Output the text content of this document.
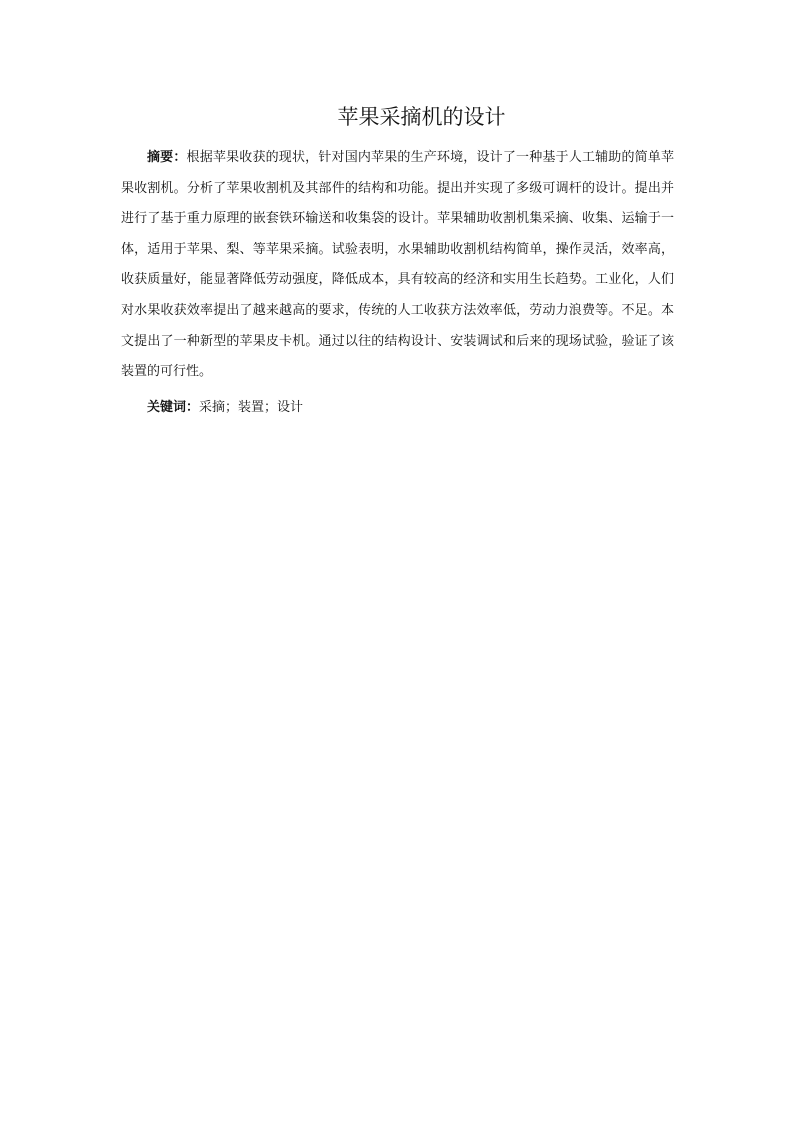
苹果采摘机的设计

摘要：根据苹果收获的现状，针对国内苹果的生产环境，设计了一种基于人工辅助的简单苹果收割机。分析了苹果收割机及其部件的结构和功能。提出并实现了多级可调杆的设计。提出并进行了基于重力原理的嵌套铁环输送和收集袋的设计。苹果辅助收割机集采摘、收集、运输于一体，适用于苹果、梨、等苹果采摘。试验表明，水果辅助收割机结构简单，操作灵活，效率高，收获质量好，能显著降低劳动强度，降低成本，具有较高的经济和实用生长趋势。工业化，人们对水果收获效率提出了越来越高的要求，传统的人工收获方法效率低，劳动力浪费等。不足。本文提出了一种新型的苹果皮卡机。通过以往的结构设计、安装调试和后来的现场试验，验证了该装置的可行性。

关键词：采摘；装置；设计
